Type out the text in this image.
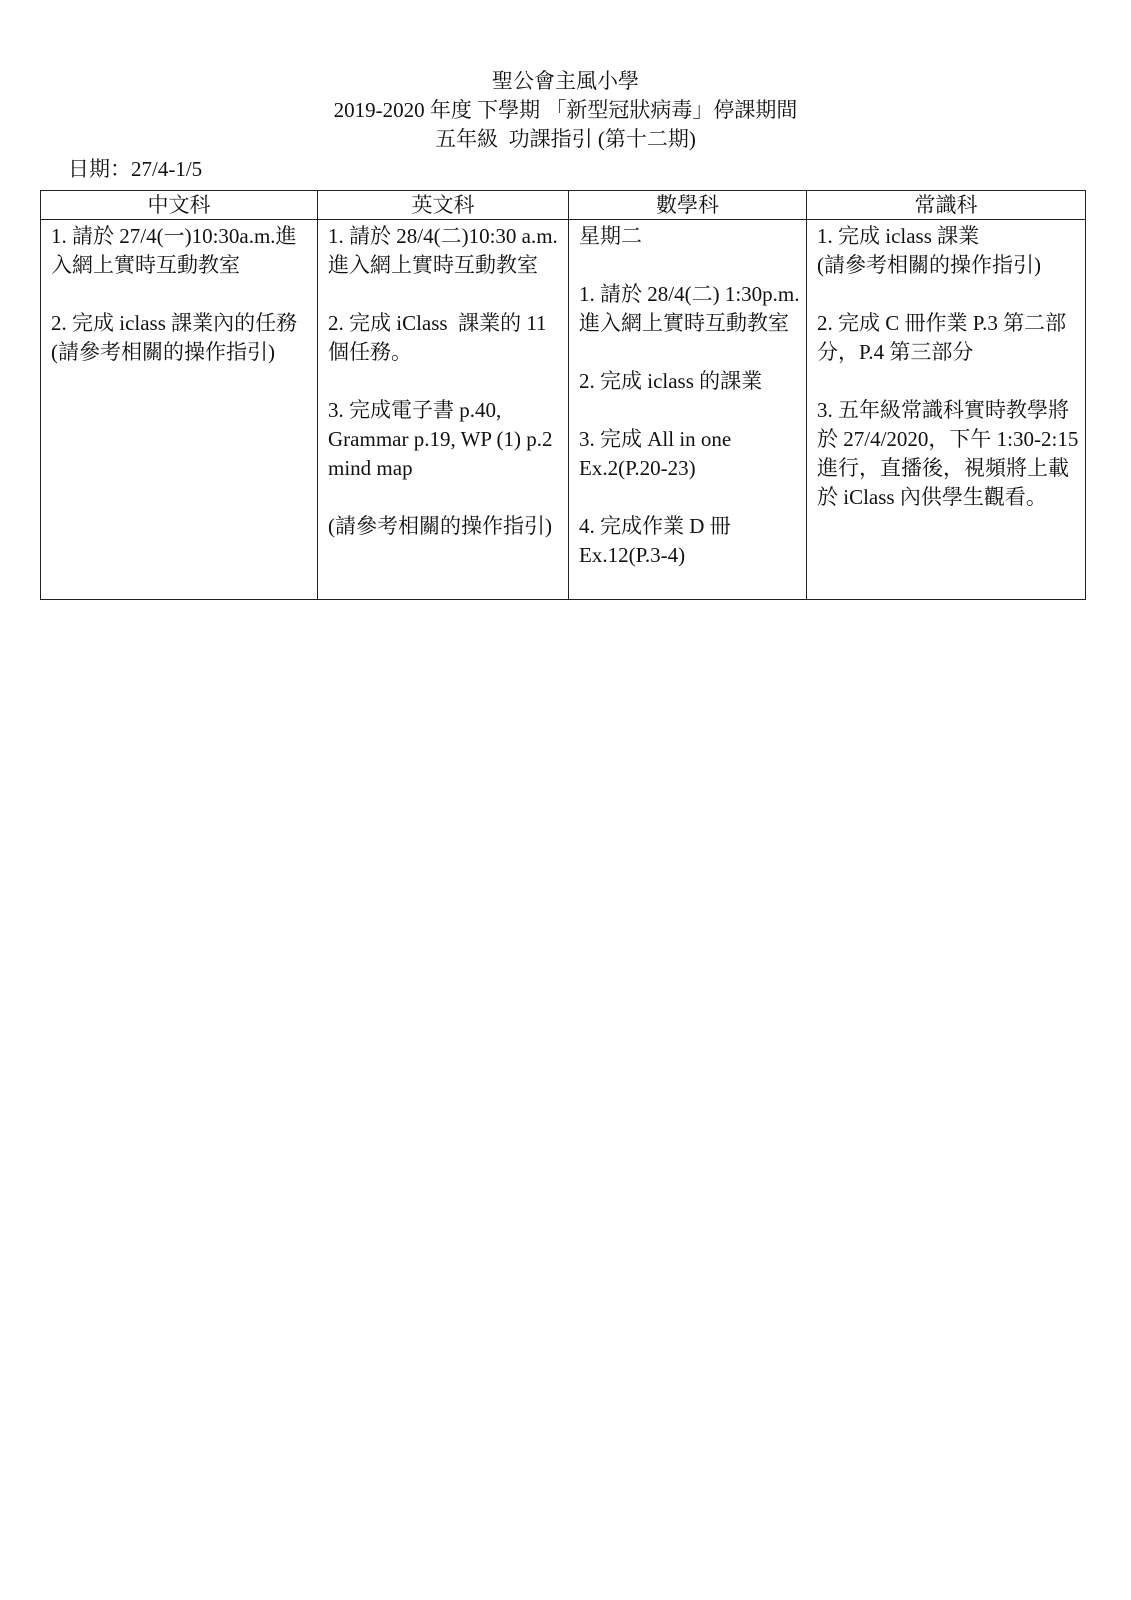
聖公會主風小學
2019-2020 年度 下學期 「新型冠狀病毒」停課期間
五年級  功課指引 (第十二期)
日期：27/4-1/5
中文科	英文科	數學科	常識科

1. 請於 27/4(一)10:30a.m.進入網上實時互動教室
2. 完成 iclass 課業內的任務
(請參考相關的操作指引)	1. 請於 28/4(二)10:30 a.m. 進入網上實時互動教室
2. 完成 iClass  課業的 11 個任務。
3. 完成電子書 p.40, Grammar p.19, WP (1) p.2 mind map
(請參考相關的操作指引)	星期二
1. 請於 28/4(二) 1:30p.m.進入網上實時互動教室
2. 完成 iclass 的課業
3. 完成 All in one Ex.2(P.20-23)
4. 完成作業 D 冊 Ex.12(P.3-4)	1. 完成 iclass 課業
(請參考相關的操作指引)
2. 完成 C 冊作業 P.3 第二部分，P.4 第三部分
3. 五年級常識科實時教學將於 27/4/2020，下午 1:30-2:15 進行，直播後，視頻將上載於 iClass 內供學生觀看。
